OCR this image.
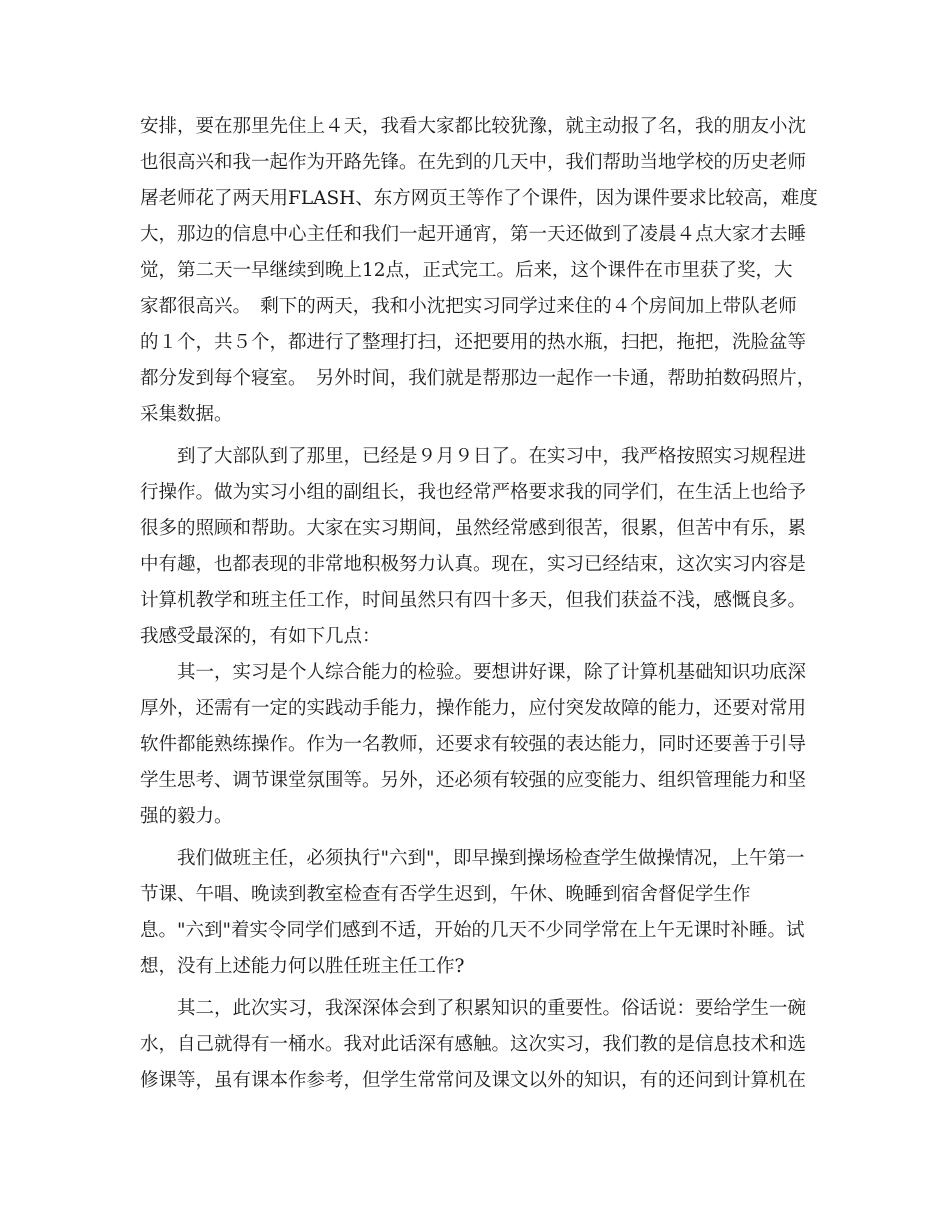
安排，要在那里先住上４天，我看大家都比较犹豫，就主动报了名，我的朋友小沈
也很高兴和我一起作为开路先锋。在先到的几天中，我们帮助当地学校的历史老师
屠老师花了两天用FLASH、东方网页王等作了个课件，因为课件要求比较高，难度
大，那边的信息中心主任和我们一起开通宵，第一天还做到了凌晨４点大家才去睡
觉，第二天一早继续到晚上12点，正式完工。后来，这个课件在市里获了奖，大
家都很高兴。　剩下的两天，我和小沈把实习同学过来住的４个房间加上带队老师
的１个，共５个，都进行了整理打扫，还把要用的热水瓶，扫把，拖把，洗脸盆等
都分发到每个寝室。　另外时间，我们就是帮那边一起作一卡通，帮助拍数码照片，
采集数据。
　　到了大部队到了那里，已经是９月９日了。在实习中，我严格按照实习规程进
行操作。做为实习小组的副组长，我也经常严格要求我的同学们，在生活上也给予
很多的照顾和帮助。大家在实习期间，虽然经常感到很苦，很累，但苦中有乐，累
中有趣，也都表现的非常地积极努力认真。现在，实习已经结束，这次实习内容是
计算机教学和班主任工作，时间虽然只有四十多天，但我们获益不浅，感慨良多。
我感受最深的，有如下几点：
　　其一，实习是个人综合能力的检验。要想讲好课，除了计算机基础知识功底深
厚外，还需有一定的实践动手能力，操作能力，应付突发故障的能力，还要对常用
软件都能熟练操作。作为一名教师，还要求有较强的表达能力，同时还要善于引导
学生思考、调节课堂氛围等。另外，还必须有较强的应变能力、组织管理能力和坚
强的毅力。
　　我们做班主任，必须执行"六到"，即早操到操场检查学生做操情况，上午第一
节课、午唱、晚读到教室检查有否学生迟到，午休、晚睡到宿舍督促学生作
息。"六到"着实令同学们感到不适，开始的几天不少同学常在上午无课时补睡。试
想，没有上述能力何以胜任班主任工作?
　　其二，此次实习，我深深体会到了积累知识的重要性。俗话说：要给学生一碗
水，自己就得有一桶水。我对此话深有感触。这次实习，我们教的是信息技术和选
修课等，虽有课本作参考，但学生常常问及课文以外的知识，有的还问到计算机在
